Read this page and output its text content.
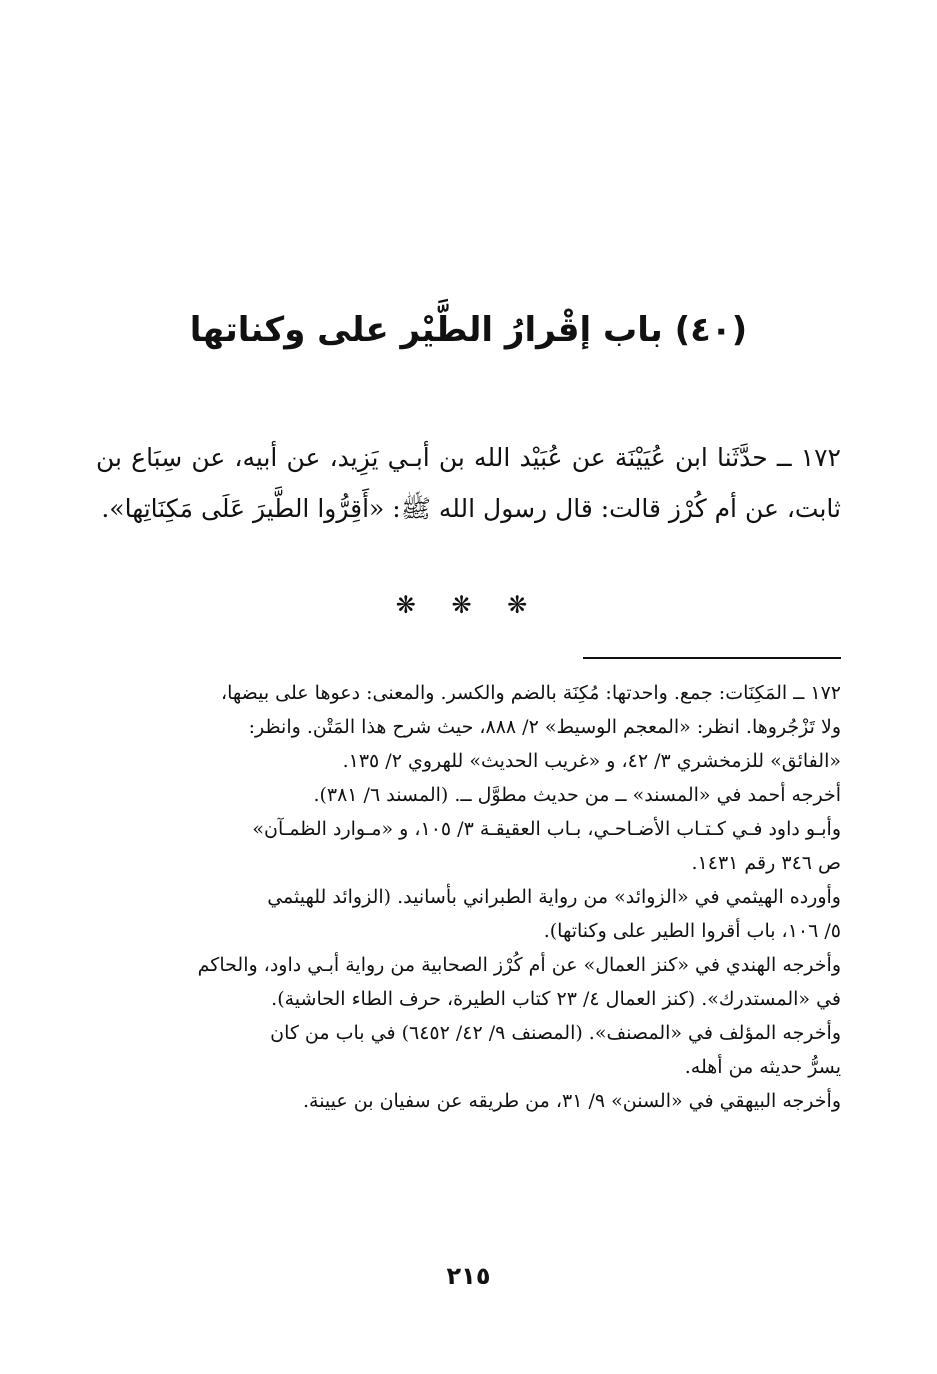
(٤٠) باب إقْرارُ الطَّيْر على وكناتها
١٧٢ ــ حدَّثَنا ابن عُيَيْنَة عن عُبَيْد الله بن أبـي يَزِيد، عن أبيه، عن سِبَاع بن ثابت، عن أم كُرْز قالت: قال رسول الله ﷺ: «أَقِرُّوا الطَّيرَ عَلَى مَكِنَاتِها».
❋ ❋ ❋
١٧٢ ــ المَكِنَات: جمع. واحدتها: مُكِنَة بالضم والكسر. والمعنى: دعوها على بيضها،
ولا تَزْجُروها. انظر: «المعجم الوسيط» ٢/ ٨٨٨، حيث شرح هذا المَتْن. وانظر:
«الفائق» للزمخشري ٣/ ٤٢، و «غريب الحديث» للهروي ٢/ ١٣٥.
أخرجه أحمد في «المسند» ــ من حديث مطوَّل ــ. (المسند ٦/ ٣٨١).
وأبـو داود فـي كـتـاب الأضـاحـي، بـاب العقيقـة ٣/ ١٠٥، و «مـوارد الظمـآن»
ص ٣٤٦ رقم ١٤٣١.
وأورده الهيثمي في «الزوائد» من رواية الطبراني بأسانيد. (الزوائد للهيثمي
٥/ ١٠٦، باب أقروا الطير على وكناتها).
وأخرجه الهندي في «كنز العمال» عن أم كُرْز الصحابية من رواية أبـي داود، والحاكم
في «المستدرك». (كنز العمال ٤/ ٢٣ كتاب الطيرة، حرف الطاء الحاشية).
وأخرجه المؤلف في «المصنف». (المصنف ٩/ ٤٢/ ٦٤٥٢) في باب من كان
يسرُّ حديثه من أهله.
وأخرجه البيهقي في «السنن» ٩/ ٣١، من طريقه عن سفيان بن عيينة.
٢١٥
